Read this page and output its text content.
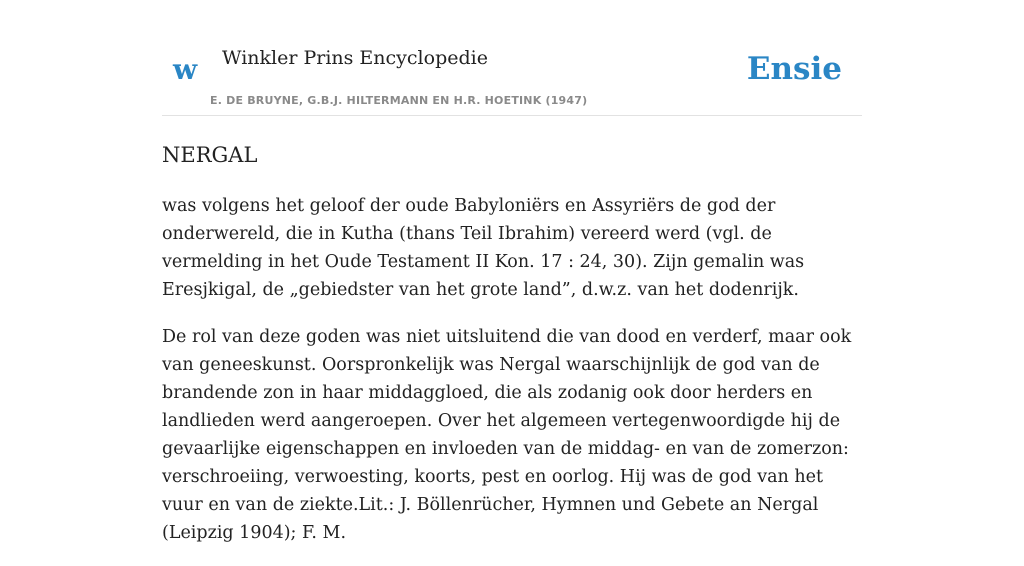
w Winkler Prins Encyclopedie
E. DE BRUYNE, G.B.J. HILTERMANN EN H.R. HOETINK (1947)
Ensie
NERGAL

was volgens het geloof der oude Babyloniërs en Assyriërs de god der onderwereld, die in Kutha (thans Teil Ibrahim) vereerd werd (vgl. de vermelding in het Oude Testament II Kon. 17 : 24, 30). Zijn gemalin was Eresjkigal, de „gebiedster van het grote land”, d.w.z. van het dodenrijk.

De rol van deze goden was niet uitsluitend die van dood en verderf, maar ook van geneeskunst. Oorspronkelijk was Nergal waarschijnlijk de god van de brandende zon in haar middaggloed, die als zodanig ook door herders en landlieden werd aangeroepen. Over het algemeen vertegenwoordigde hij de gevaarlijke eigenschappen en invloeden van de middag- en van de zomerzon: verschroeiing, verwoesting, koorts, pest en oorlog. Hij was de god van het vuur en van de ziekte.Lit.: J. Böllenrücher, Hymnen und Gebete an Nergal (Leipzig 1904); F. M.
